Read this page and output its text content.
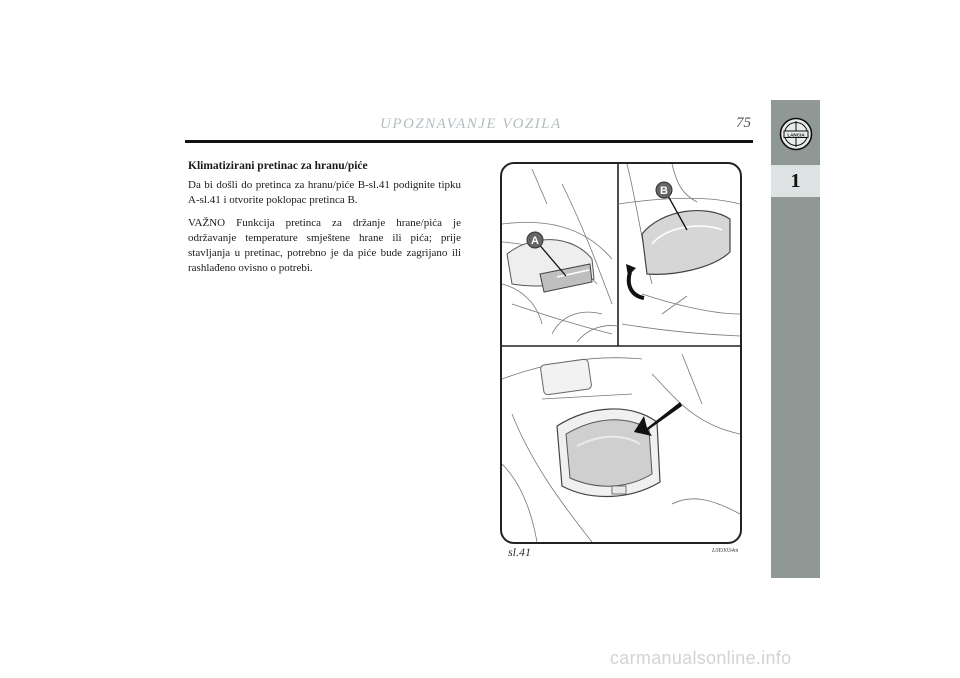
UPOZNAVANJE VOZILA	75
LANCIA
1
Klimatizirani pretinac za hranu/piće

Da bi došli do pretinca za hranu/piće B-sl.41 podignite tipku A-sl.41 i otvorite poklopac pretinca B.

VAŽNO Funkcija pretinca za držanje hrane/pića je održavanje temperature smještene hrane ili pića; prije stavljanja u pretinac, potrebno je da piće bude zagrijano ili rashlađeno ovisno o potrebi.

A
B
sl.41	L0E0034m
carmanualsonline.info
